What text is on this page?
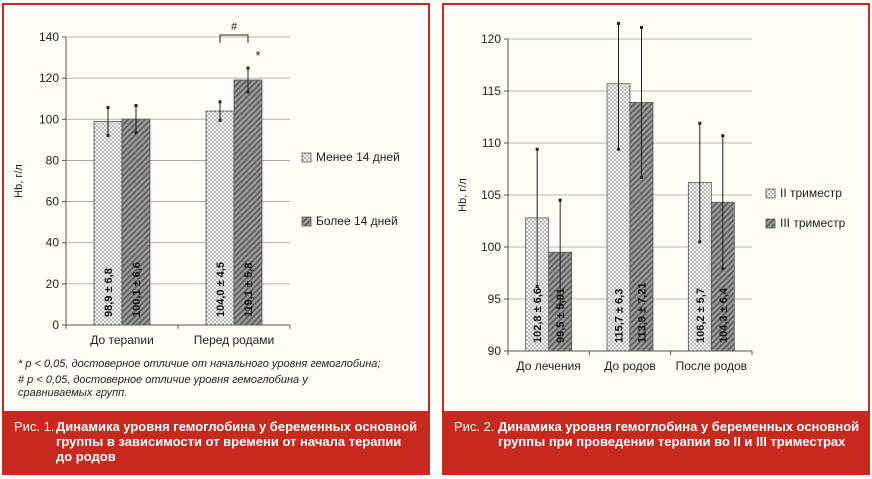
0
20
40
60
80
100
120
140
Hb, г/л
До терапии	Перед родами
98,9 ± 6,8 100,1 ± 6,6	104,0 ± 4,5 119,1 ± 5,8
Менее 14 дней
Более 14 дней
#
*
* p < 0,05, достоверное отличие от начального уровня гемоглобина;
# p < 0,05, достоверное отличие уровня гемоглобина у сравниваемых групп.
Рис. 1. Динамика уровня гемоглобина у беременных основной группы в зависимости от времени от начала терапии до родов
90
95
100
105
110
115
120
Hb, г/л
До лечения До родов После родов
102,8 ± 6,6 99,5 ± 5,01	115,7 ± 6,3 113,9 ± 7,21	106,2 ± 5,7 104,3 ± 6,4
II триместр
III триместр
Рис. 2. Динамика уровня гемоглобина у беременных основной группы при проведении терапии во II и III триместрах
